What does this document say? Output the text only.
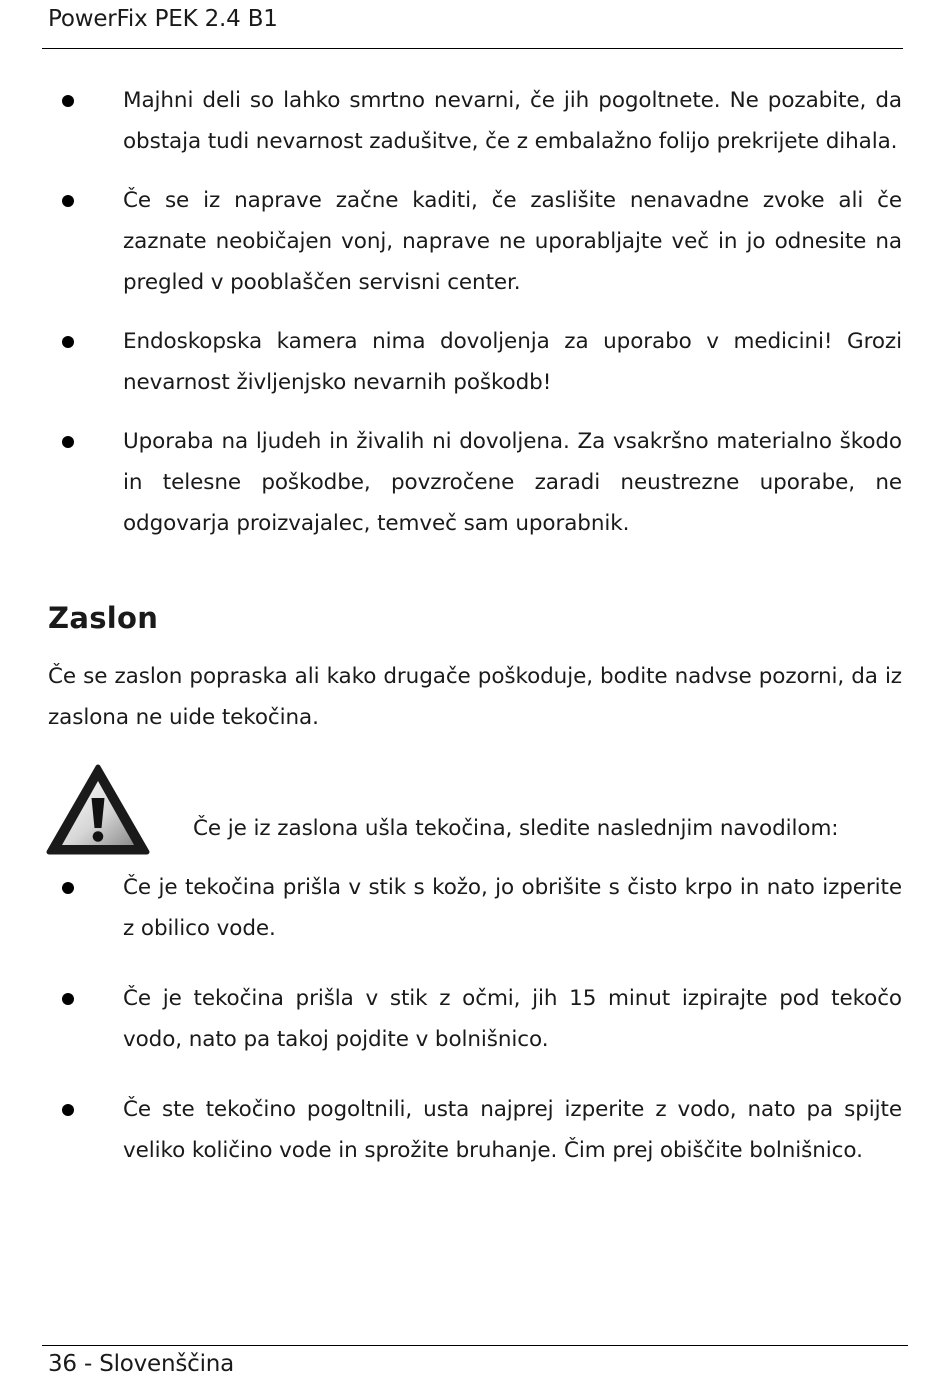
PowerFix PEK 2.4 B1
Majhni deli so lahko smrtno nevarni, če jih pogoltnete. Ne pozabite, da obstaja tudi nevarnost zadušitve, če z embalažno folijo prekrijete dihala.
Če se iz naprave začne kaditi, če zaslišite nenavadne zvoke ali če zaznate neobičajen vonj, naprave ne uporabljajte več in jo odnesite na pregled v pooblaščen servisni center.
Endoskopska kamera nima dovoljenja za uporabo v medicini! Grozi nevarnost življenjsko nevarnih poškodb!
Uporaba na ljudeh in živalih ni dovoljena. Za vsakršno materialno škodo in telesne poškodbe, povzročene zaradi neustrezne uporabe, ne odgovarja proizvajalec, temveč sam uporabnik.
Zaslon
Če se zaslon popraska ali kako drugače poškoduje, bodite nadvse pozorni, da iz zaslona ne uide tekočina.
Če je iz zaslona ušla tekočina, sledite naslednjim navodilom:
Če je tekočina prišla v stik s kožo, jo obrišite s čisto krpo in nato izperite z obilico vode.
Če je tekočina prišla v stik z očmi, jih 15 minut izpirajte pod tekočo vodo, nato pa takoj pojdite v bolnišnico.
Če ste tekočino pogoltnili, usta najprej izperite z vodo, nato pa spijte veliko količino vode in sprožite bruhanje. Čim prej obiščite bolnišnico.
36 - Slovenščina
